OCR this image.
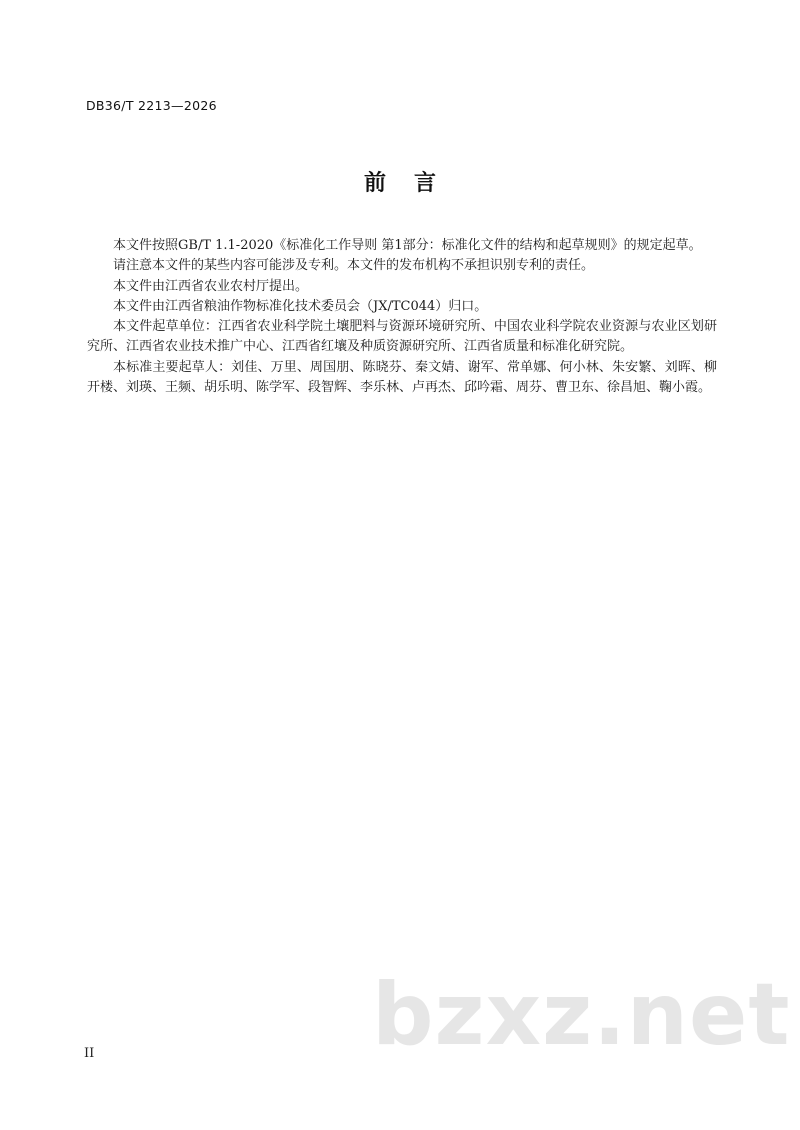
DB36/T 2213—2026
前言

本文件按照GB/T 1.1-2020《标准化工作导则 第1部分：标准化文件的结构和起草规则》的规定起草。

请注意本文件的某些内容可能涉及专利。本文件的发布机构不承担识别专利的责任。

本文件由江西省农业农村厅提出。

本文件由江西省粮油作物标准化技术委员会（JX/TC044）归口。

本文件起草单位：江西省农业科学院土壤肥料与资源环境研究所、中国农业科学院农业资源与农业区划研究所、江西省农业技术推广中心、江西省红壤及种质资源研究所、江西省质量和标准化研究院。

本标准主要起草人：刘佳、万里、周国朋、陈晓芬、秦文婧、谢军、常单娜、何小林、朱安繁、刘晖、柳开楼、刘瑛、王频、胡乐明、陈学军、段智辉、李乐林、卢再杰、邱吟霜、周芬、曹卫东、徐昌旭、鞠小霞。

II	bzxz.net
